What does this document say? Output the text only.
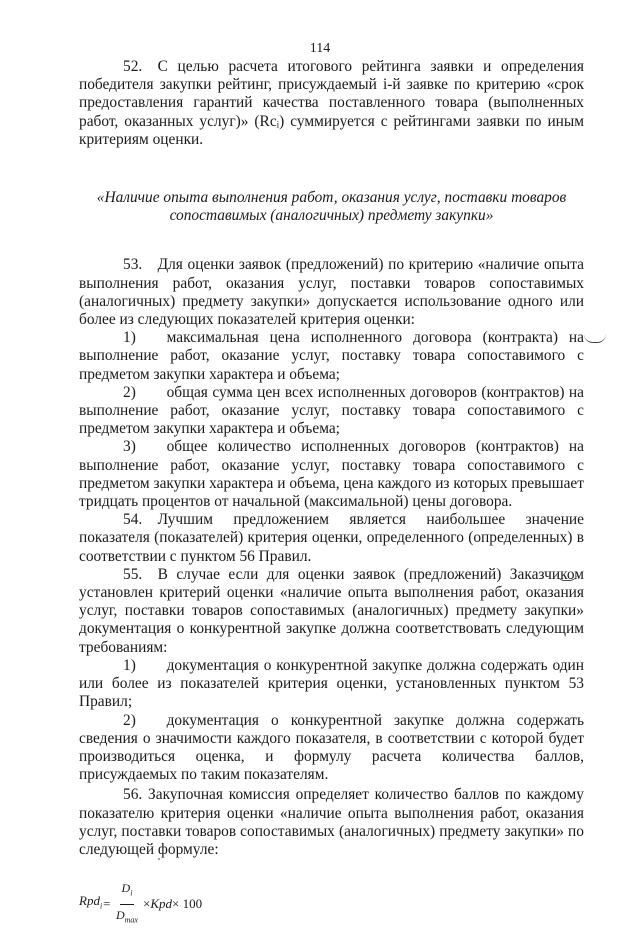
114

52. С целью расчета итогового рейтинга заявки и определения победителя закупки рейтинг, присуждаемый i-й заявке по критерию «срок предоставления гарантий качества поставленного товара (выполненных работ, оказанных услуг)» (Rcᵢ) суммируется с рейтингами заявки по иным критериям оценки.

«Наличие опыта выполнения работ, оказания услуг, поставки товаров
сопоставимых (аналогичных) предмету закупки»

53. Для оценки заявок (предложений) по критерию «наличие опыта выполнения работ, оказания услуг, поставки товаров сопоставимых (аналогичных) предмету закупки» допускается использование одного или более из следующих показателей критерия оценки:

1)  максимальная цена исполненного договора (контракта) на выполнение работ, оказание услуг, поставку товара сопоставимого с предметом закупки характера и объема;

2)  общая сумма цен всех исполненных договоров (контрактов) на выполнение работ, оказание услуг, поставку товара сопоставимого с предметом закупки характера и объема;

3)  общее количество исполненных договоров (контрактов) на выполнение работ, оказание услуг, поставку товара сопоставимого с предметом закупки характера и объема, цена каждого из которых превышает тридцать процентов от начальной (максимальной) цены договора.

54. Лучшим предложением является наибольшее значение показателя (показателей) критерия оценки, определенного (определенных) в соответствии с пунктом 56 Правил.

55. В случае если для оценки заявок (предложений) Заказчиком установлен критерий оценки «наличие опыта выполнения работ, оказания услуг, поставки товаров сопоставимых (аналогичных) предмету закупки» документация о конкурентной закупке должна соответствовать следующим требованиям:

1)  документация о конкурентной закупке должна содержать один или более из показателей критерия оценки, установленных пунктом 53 Правил;

2)  документация о конкурентной закупке должна содержать сведения о значимости каждого показателя, в соответствии с которой будет производиться оценка, и формулу расчета количества баллов, присуждаемых по таким показателям.

56. Закупочная комиссия определяет количество баллов по каждому показателю критерия оценки «наличие опыта выполнения работ, оказания услуг, поставки товаров сопоставимых (аналогичных) предмету закупки» по следующей формуле:

$Rpd_i = \frac{D_i}{D_{max}}$ × Kpd × 100
